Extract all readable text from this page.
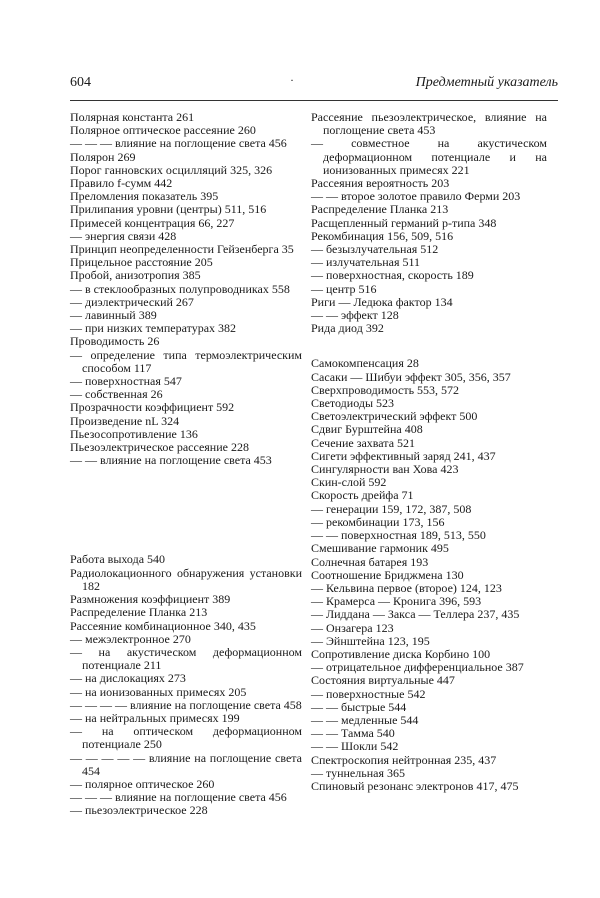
604	·	Предметный указатель
Полярная константа 261
Полярное оптическое рассеяние 260
— — — влияние на поглощение света 456
Полярон 269
Порог ганновских осцилляций 325, 326
Правило f-сумм 442
Преломления показатель 395
Прилипания уровни (центры) 511, 516
Примесей концентрация 66, 227
— энергия связи 428
Принцип неопределенности Гейзенберга 35
Прицельное расстояние 205
Пробой, анизотропия 385
— в стеклообразных полупроводниках 558
— диэлектрический 267
— лавинный 389
— при низких температурах 382
Проводимость 26
— определение типа термоэлектрическим способом 117
— поверхностная 547
— собственная 26
Прозрачности коэффициент 592
Произведение nL 324
Пьезосопротивление 136
Пьезоэлектрическое рассеяние 228
— — влияние на поглощение света 453
Работа выхода 540
Радиолокационного обнаружения установки 182
Размножения коэффициент 389
Распределение Планка 213
Рассеяние комбинационное 340, 435
— межэлектронное 270
— на акустическом деформационном потенциале 211
— на дислокациях 273
— на ионизованных примесях 205
— — — — влияние на поглощение света 458
— на нейтральных примесях 199
— на оптическом деформационном потенциале 250
— — — — — влияние на поглощение света 454
— полярное оптическое 260
— — — влияние на поглощение света 456
— пьезоэлектрическое 228
Рассеяние пьезоэлектрическое, влияние на поглощение света 453
— совместное на акустическом деформационном потенциале и на ионизованных примесях 221
Рассеяния вероятность 203
— — второе золотое правило Ферми 203
Распределение Планка 213
Расщепленный германий p-типа 348
Рекомбинация 156, 509, 516
— безызлучательная 512
— излучательная 511
— поверхностная, скорость 189
— центр 516
Риги — Ледюка фактор 134
— — эффект 128
Рида диод 392
Самокомпенсация 28
Сасаки — Шибуи эффект 305, 356, 357
Сверхпроводимость 553, 572
Светодиоды 523
Светоэлектрический эффект 500
Сдвиг Бурштейна 408
Сечение захвата 521
Сигети эффективный заряд 241, 437
Сингулярности ван Хова 423
Скин-слой 592
Скорость дрейфа 71
— генерации 159, 172, 387, 508
— рекомбинации 173, 156
— — поверхностная 189, 513, 550
Смешивание гармоник 495
Солнечная батарея 193
Соотношение Бриджмена 130
— Кельвина первое (второе) 124, 123
— Крамерса — Кронига 396, 593
— Лиддана — Закса — Теллера 237, 435
— Онзагера 123
— Эйнштейна 123, 195
Сопротивление диска Корбино 100
— отрицательное дифференциальное 387
Состояния виртуальные 447
— поверхностные 542
— — быстрые 544
— — медленные 544
— — Тамма 540
— — Шокли 542
Спектроскопия нейтронная 235, 437
— туннельная 365
Спиновый резонанс электронов 417, 475
